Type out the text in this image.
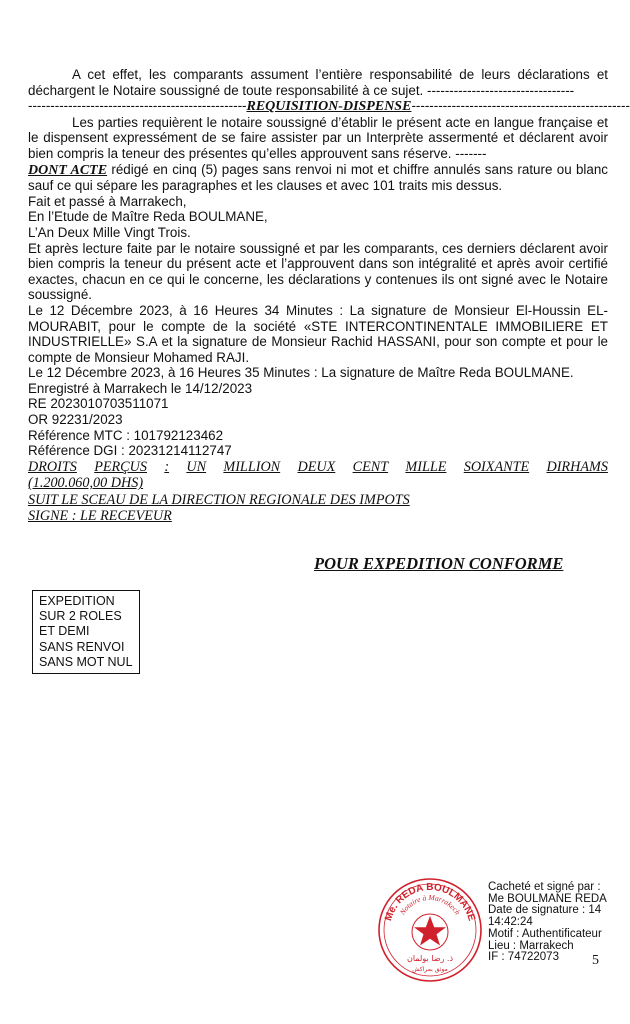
A cet effet, les comparants assument l’entière responsabilité de leurs déclarations et déchargent le Notaire soussigné de toute responsabilité à ce sujet. ---------------------------------

-------------------------------------------------REQUISITION-DISPENSE-------------------------------------------------

Les parties requièrent le notaire soussigné d’établir le présent acte en langue française et le dispensent expressément de se faire assister par un Interprète assermenté et déclarent avoir bien compris la teneur des présentes qu’elles approuvent sans réserve. -------

DONT ACTE rédigé en cinq (5) pages sans renvoi ni mot et chiffre annulés sans rature ou blanc sauf ce qui sépare les paragraphes et les clauses et avec 101 traits mis dessus.

Fait et passé à Marrakech,
En l’Etude de Maître Reda BOULMANE,
L’An Deux Mille Vingt Trois.

Et après lecture faite par le notaire soussigné et par les comparants, ces derniers déclarent avoir bien compris la teneur du présent acte et l’approuvent dans son intégralité et après avoir certifié exactes, chacun en ce qui le concerne, les déclarations y contenues ils ont signé avec le Notaire soussigné.

Le 12 Décembre 2023, à 16 Heures 34 Minutes : La signature de Monsieur El-Houssin EL-MOURABIT, pour le compte de la société «STE INTERCONTINENTALE IMMOBILIERE ET INDUSTRIELLE» S.A et la signature de Monsieur Rachid HASSANI, pour son compte et pour le compte de Monsieur Mohamed RAJI.

Le 12 Décembre 2023, à 16 Heures 35 Minutes : La signature de Maître Reda BOULMANE.
Enregistré à Marrakech le 14/12/2023
RE 2023010703511071
OR 92231/2023
Référence MTC : 101792123462
Référence DGI : 20231214112747
DROITS PERÇUS : UN MILLION DEUX CENT MILLE SOIXANTE DIRHAMS
(1.200.060,00 DHS)
SUIT LE SCEAU DE LA DIRECTION REGIONALE DES IMPOTS
SIGNE : LE RECEVEUR
POUR EXPEDITION CONFORME
EXPEDITION
SUR 2 ROLES
ET DEMI
SANS RENVOI
SANS MOT NUL
Me. REDA BOULMANE
Notaire à Marrakech
ذ. رضا بولمان
موثق بمراكش
Cacheté et signé par :
Me BOULMANE REDA
Date de signature : 14
14:42:24
Motif : Authentificateur
Lieu : Marrakech
IF : 74722073	5
